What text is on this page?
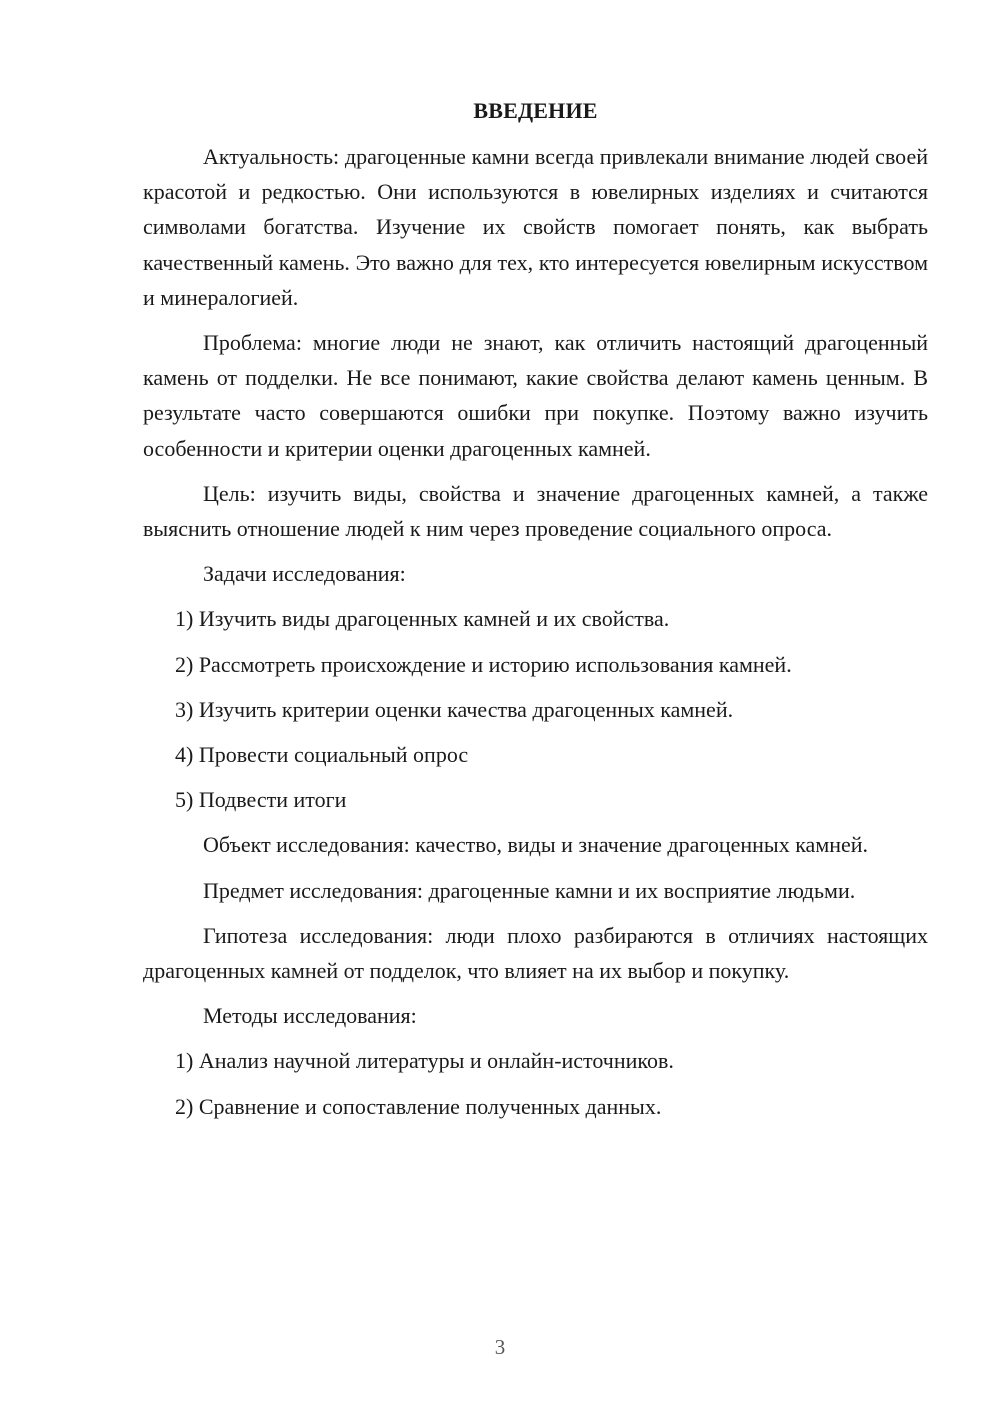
ВВЕДЕНИЕ

Актуальность: драгоценные камни всегда привлекали внимание людей своей красотой и редкостью. Они используются в ювелирных изделиях и считаются символами богатства. Изучение их свойств помогает понять, как выбрать качественный камень. Это важно для тех, кто интересуется ювелирным искусством и минералогией.

Проблема: многие люди не знают, как отличить настоящий драгоценный камень от подделки. Не все понимают, какие свойства делают камень ценным. В результате часто совершаются ошибки при покупке. Поэтому важно изучить особенности и критерии оценки драгоценных камней.

Цель: изучить виды, свойства и значение драгоценных камней, а также выяснить отношение людей к ним через проведение социального опроса.

Задачи исследования:

1) Изучить виды драгоценных камней и их свойства.
2) Рассмотреть происхождение и историю использования камней.
3) Изучить критерии оценки качества драгоценных камней.
4) Провести социальный опрос
5) Подвести итоги

Объект исследования: качество, виды и значение драгоценных камней.

Предмет исследования: драгоценные камни и их восприятие людьми.

Гипотеза исследования: люди плохо разбираются в отличиях настоящих драгоценных камней от подделок, что влияет на их выбор и покупку.

Методы исследования:

1) Анализ научной литературы и онлайн-источников.
2) Сравнение и сопоставление полученных данных.
3
